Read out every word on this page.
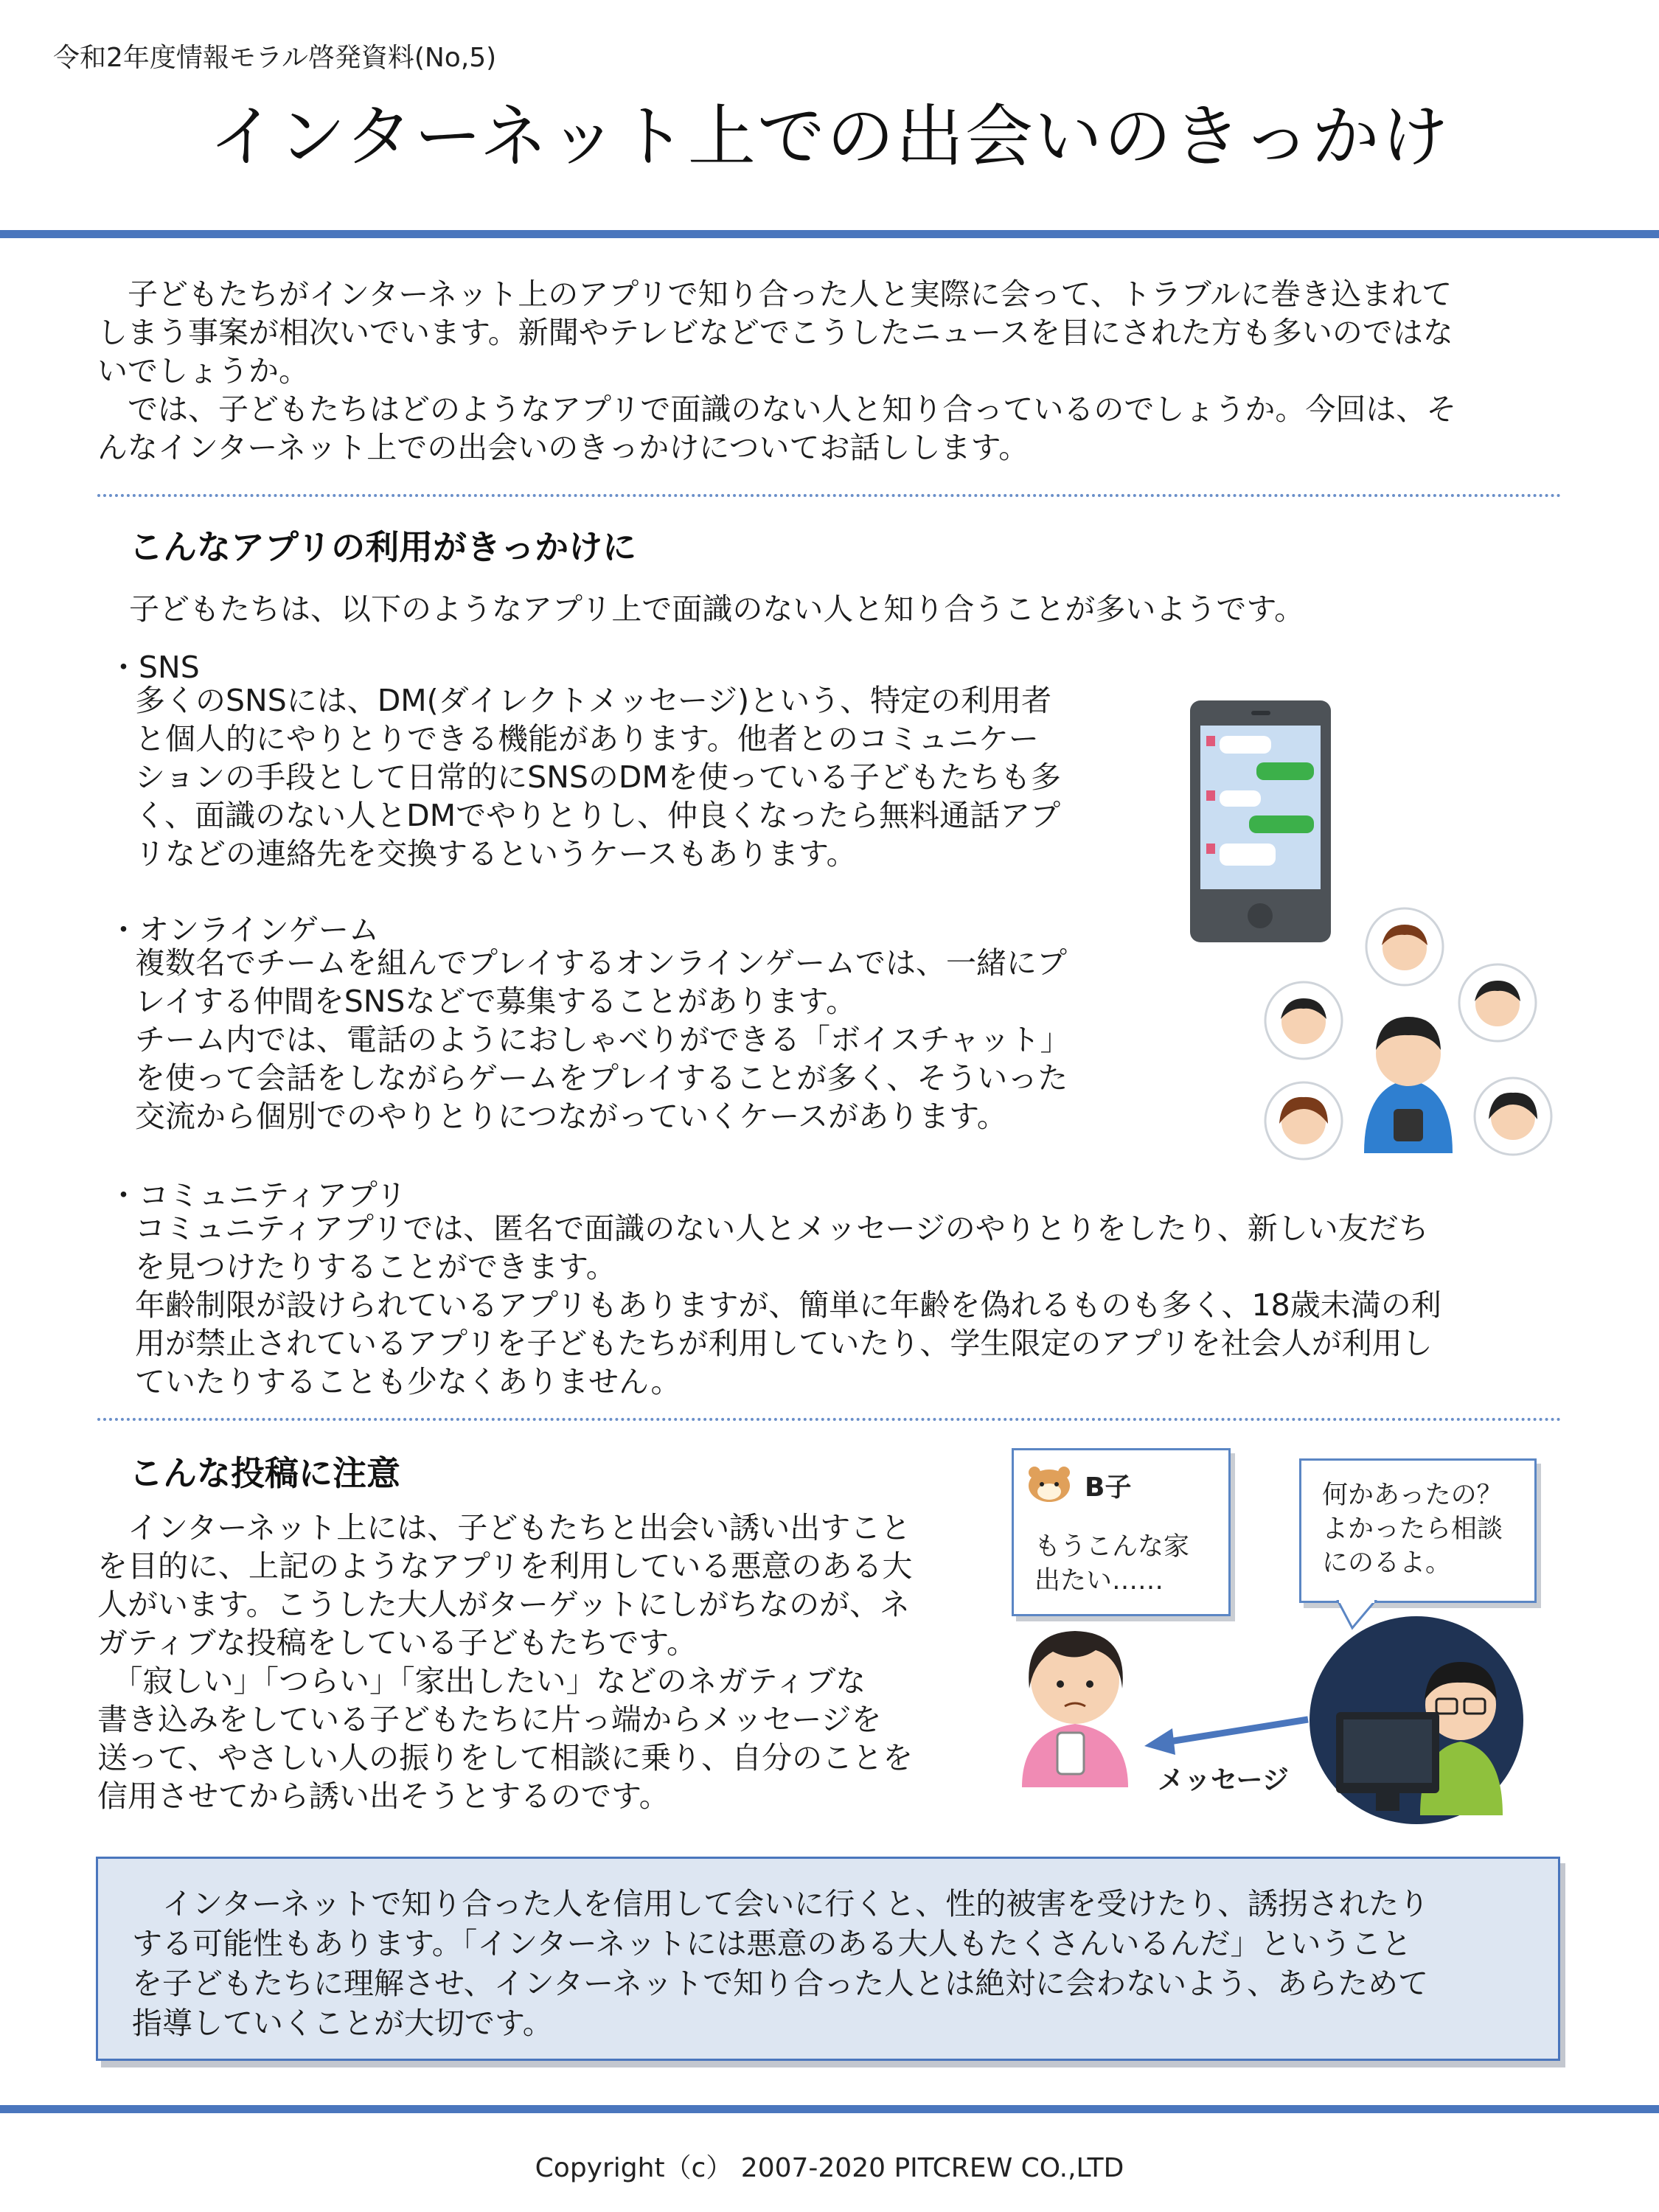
令和2年度情報モラル啓発資料(No,5)
インターネット上での出会いのきっかけ
　子どもたちがインターネット上のアプリで知り合った人と実際に会って、トラブルに巻き込まれて
しまう事案が相次いでいます。新聞やテレビなどでこうしたニュースを目にされた方も多いのではな
いでしょうか。
　では、子どもたちはどのようなアプリで面識のない人と知り合っているのでしょうか。今回は、そ
んなインターネット上での出会いのきっかけについてお話しします。
こんなアプリの利用がきっかけに
子どもたちは、以下のようなアプリ上で面識のない人と知り合うことが多いようです。
・SNS
多くのSNSには、DM(ダイレクトメッセージ)という、特定の利用者
と個人的にやりとりできる機能があります。他者とのコミュニケー
ションの手段として日常的にSNSのDMを使っている子どもたちも多
く、面識のない人とDMでやりとりし、仲良くなったら無料通話アプ
リなどの連絡先を交換するというケースもあります。
・オンラインゲーム
複数名でチームを組んでプレイするオンラインゲームでは、一緒にプ
レイする仲間をSNSなどで募集することがあります。
チーム内では、電話のようにおしゃべりができる「ボイスチャット」
を使って会話をしながらゲームをプレイすることが多く、そういった
交流から個別でのやりとりにつながっていくケースがあります。
・コミュニティアプリ
コミュニティアプリでは、匿名で面識のない人とメッセージのやりとりをしたり、新しい友だち
を見つけたりすることができます。
年齢制限が設けられているアプリもありますが、簡単に年齢を偽れるものも多く、18歳未満の利
用が禁止されているアプリを子どもたちが利用していたり、学生限定のアプリを社会人が利用し
ていたりすることも少なくありません。
こんな投稿に注意
　インターネット上には、子どもたちと出会い誘い出すこと
を目的に、上記のようなアプリを利用している悪意のある大
人がいます。こうした大人がターゲットにしがちなのが、ネ
ガティブな投稿をしている子どもたちです。
　「寂しい」「つらい」「家出したい」などのネガティブな
書き込みをしている子どもたちに片っ端からメッセージを
送って、やさしい人の振りをして相談に乗り、自分のことを
信用させてから誘い出そうとするのです。
B子
もうこんな家
出たい……
何かあったの？
よかったら相談
にのるよ。
メッセージ
　インターネットで知り合った人を信用して会いに行くと、性的被害を受けたり、誘拐されたり
する可能性もあります。「インターネットには悪意のある大人もたくさんいるんだ」ということ
を子どもたちに理解させ、インターネットで知り合った人とは絶対に会わないよう、あらためて
指導していくことが大切です。
Copyright（c） 2007-2020 PITCREW CO.,LTD
